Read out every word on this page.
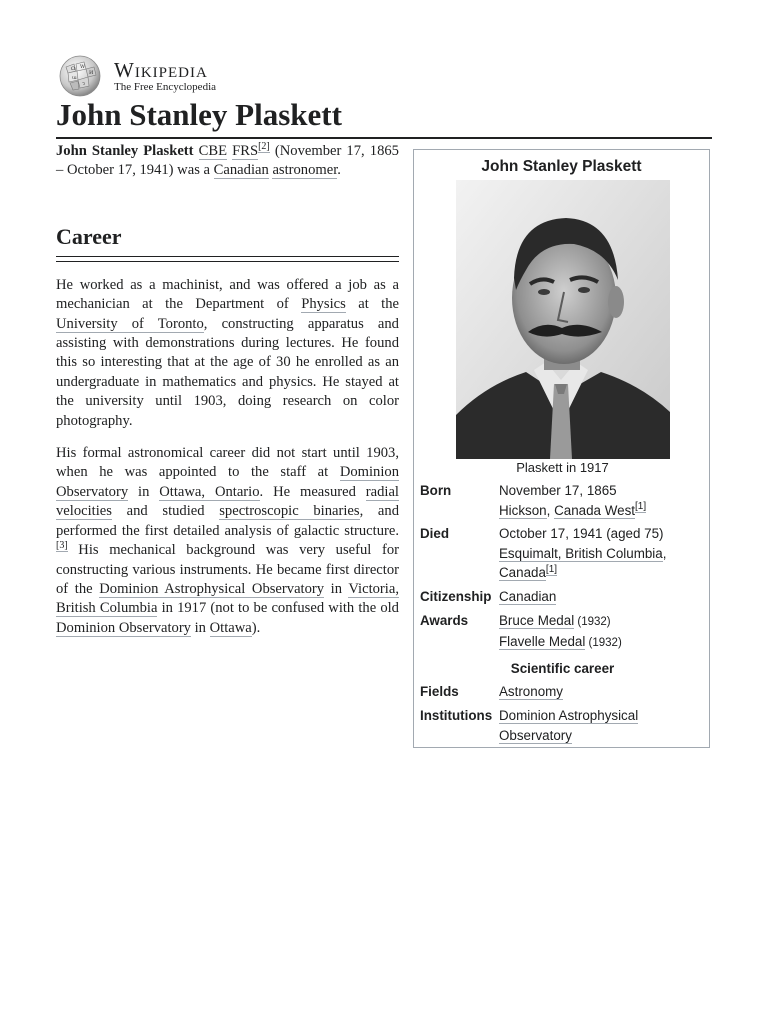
Ω W
И
ա
ว
Wikipedia
The Free Encyclopedia
John Stanley Plaskett

John Stanley Plaskett CBE FRS[2] (November 17, 1865 – October 17, 1941) was a Canadian astronomer.

Career

He worked as a machinist, and was offered a job as a mechanician at the Department of Physics at the University of Toronto, constructing apparatus and assisting with demonstrations during lectures. He found this so interesting that at the age of 30 he enrolled as an undergraduate in mathematics and physics. He stayed at the university until 1903, doing research on color photography.

His formal astronomical career did not start until 1903, when he was appointed to the staff at Dominion Observatory in Ottawa, Ontario. He measured radial velocities and studied spectroscopic binaries, and performed the first detailed analysis of galactic structure.[3] His mechanical background was very useful for constructing various instruments. He became first director of the Dominion Astrophysical Observatory in Victoria, British Columbia in 1917 (not to be confused with the old Dominion Observatory in Ottawa).

John Stanley Plaskett
Plaskett in 1917
Born	November 17, 1865
Hickson, Canada West[1]
Died	October 17, 1941 (aged 75)
Esquimalt, British Columbia,
Canada[1]
Citizenship Canadian
Awards	Bruce Medal (1932)
Flavelle Medal (1932)
Scientific career
Fields	Astronomy
Institutions Dominion Astrophysical Observatory
